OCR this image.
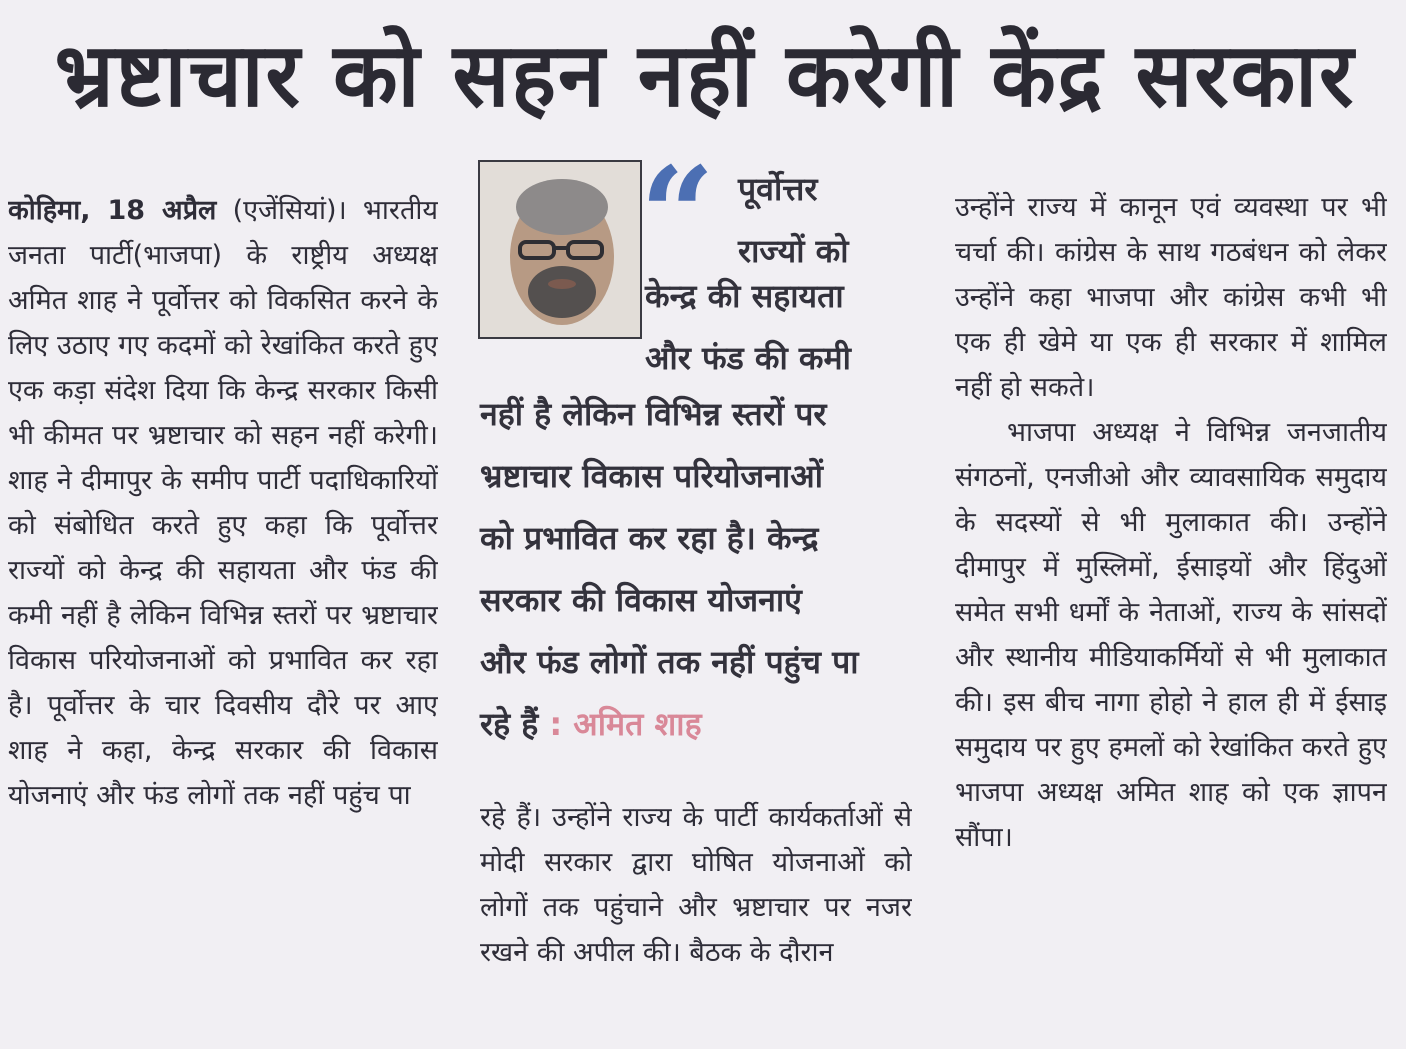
भ्रष्टाचार को सहन नहीं करेगी केंद्र सरकार

कोहिमा, 18 अप्रैल (एजेंसियां)। भारतीय जनता पार्टी(भाजपा) के राष्ट्रीय अध्यक्ष अमित शाह ने पूर्वोत्तर को विकसित करने के लिए उठाए गए कदमों को रेखांकित करते हुए एक कड़ा संदेश दिया कि केन्द्र सरकार किसी भी कीमत पर भ्रष्टाचार को सहन नहीं करेगी। शाह ने दीमापुर के समीप पार्टी पदाधिकारियों को संबोधित करते हुए कहा कि पूर्वोत्तर राज्यों को केन्द्र की सहायता और फंड की कमी नहीं है लेकिन विभिन्न स्तरों पर भ्रष्टाचार विकास परियोजनाओं को प्रभावित कर रहा है। पूर्वोत्तर के चार दिवसीय दौरे पर आए शाह ने कहा, केन्द्र सरकार की विकास योजनाएं और फंड लोगों तक नहीं पहुंच पा

“ पूर्वोत्तर
राज्यों को
केन्द्र की सहायता
और फंड की कमी
नहीं है लेकिन विभिन्न स्तरों पर
भ्रष्टाचार विकास परियोजनाओं
को प्रभावित कर रहा है। केन्द्र
सरकार की विकास योजनाएं
और फंड लोगों तक नहीं पहुंच पा
रहे हैं : अमित शाह

रहे हैं। उन्होंने राज्य के पार्टी कार्यकर्ताओं से मोदी सरकार द्वारा घोषित योजनाओं को लोगों तक पहुंचाने और भ्रष्टाचार पर नजर रखने की अपील की। बैठक के दौरान

उन्होंने राज्य में कानून एवं व्यवस्था पर भी चर्चा की। कांग्रेस के साथ गठबंधन को लेकर उन्होंने कहा भाजपा और कांग्रेस कभी भी एक ही खेमे या एक ही सरकार में शामिल नहीं हो सकते।

भाजपा अध्यक्ष ने विभिन्न जनजातीय संगठनों, एनजीओ और व्यावसायिक समुदाय के सदस्यों से भी मुलाकात की। उन्होंने दीमापुर में मुस्लिमों, ईसाइयों और हिंदुओं समेत सभी धर्मों के नेताओं, राज्य के सांसदों और स्थानीय मीडियाकर्मियों से भी मुलाकात की। इस बीच नागा होहो ने हाल ही में ईसाइ समुदाय पर हुए हमलों को रेखांकित करते हुए भाजपा अध्यक्ष अमित शाह को एक ज्ञापन सौंपा।
